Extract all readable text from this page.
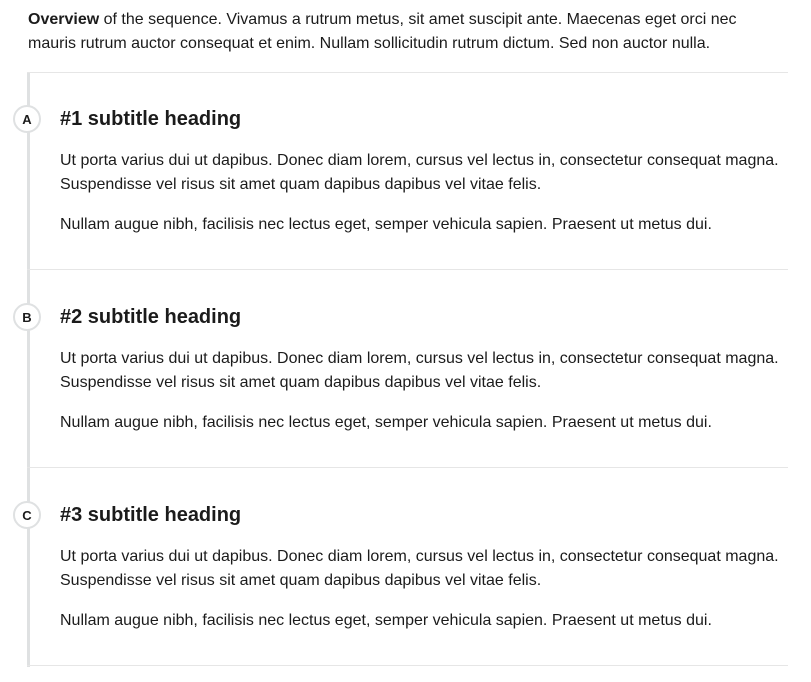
Overview of the sequence. Vivamus a rutrum metus, sit amet suscipit ante. Maecenas eget orci nec mauris rutrum auctor consequat et enim. Nullam sollicitudin rutrum dictum. Sed non auctor nulla.

A	#1 subtitle heading

Ut porta varius dui ut dapibus. Donec diam lorem, cursus vel lectus in, consectetur consequat magna. Suspendisse vel risus sit amet quam dapibus dapibus vel vitae felis.

Nullam augue nibh, facilisis nec lectus eget, semper vehicula sapien. Praesent ut metus dui.

B	#2 subtitle heading

Ut porta varius dui ut dapibus. Donec diam lorem, cursus vel lectus in, consectetur consequat magna. Suspendisse vel risus sit amet quam dapibus dapibus vel vitae felis.

Nullam augue nibh, facilisis nec lectus eget, semper vehicula sapien. Praesent ut metus dui.

C	#3 subtitle heading

Ut porta varius dui ut dapibus. Donec diam lorem, cursus vel lectus in, consectetur consequat magna. Suspendisse vel risus sit amet quam dapibus dapibus vel vitae felis.

Nullam augue nibh, facilisis nec lectus eget, semper vehicula sapien. Praesent ut metus dui.
